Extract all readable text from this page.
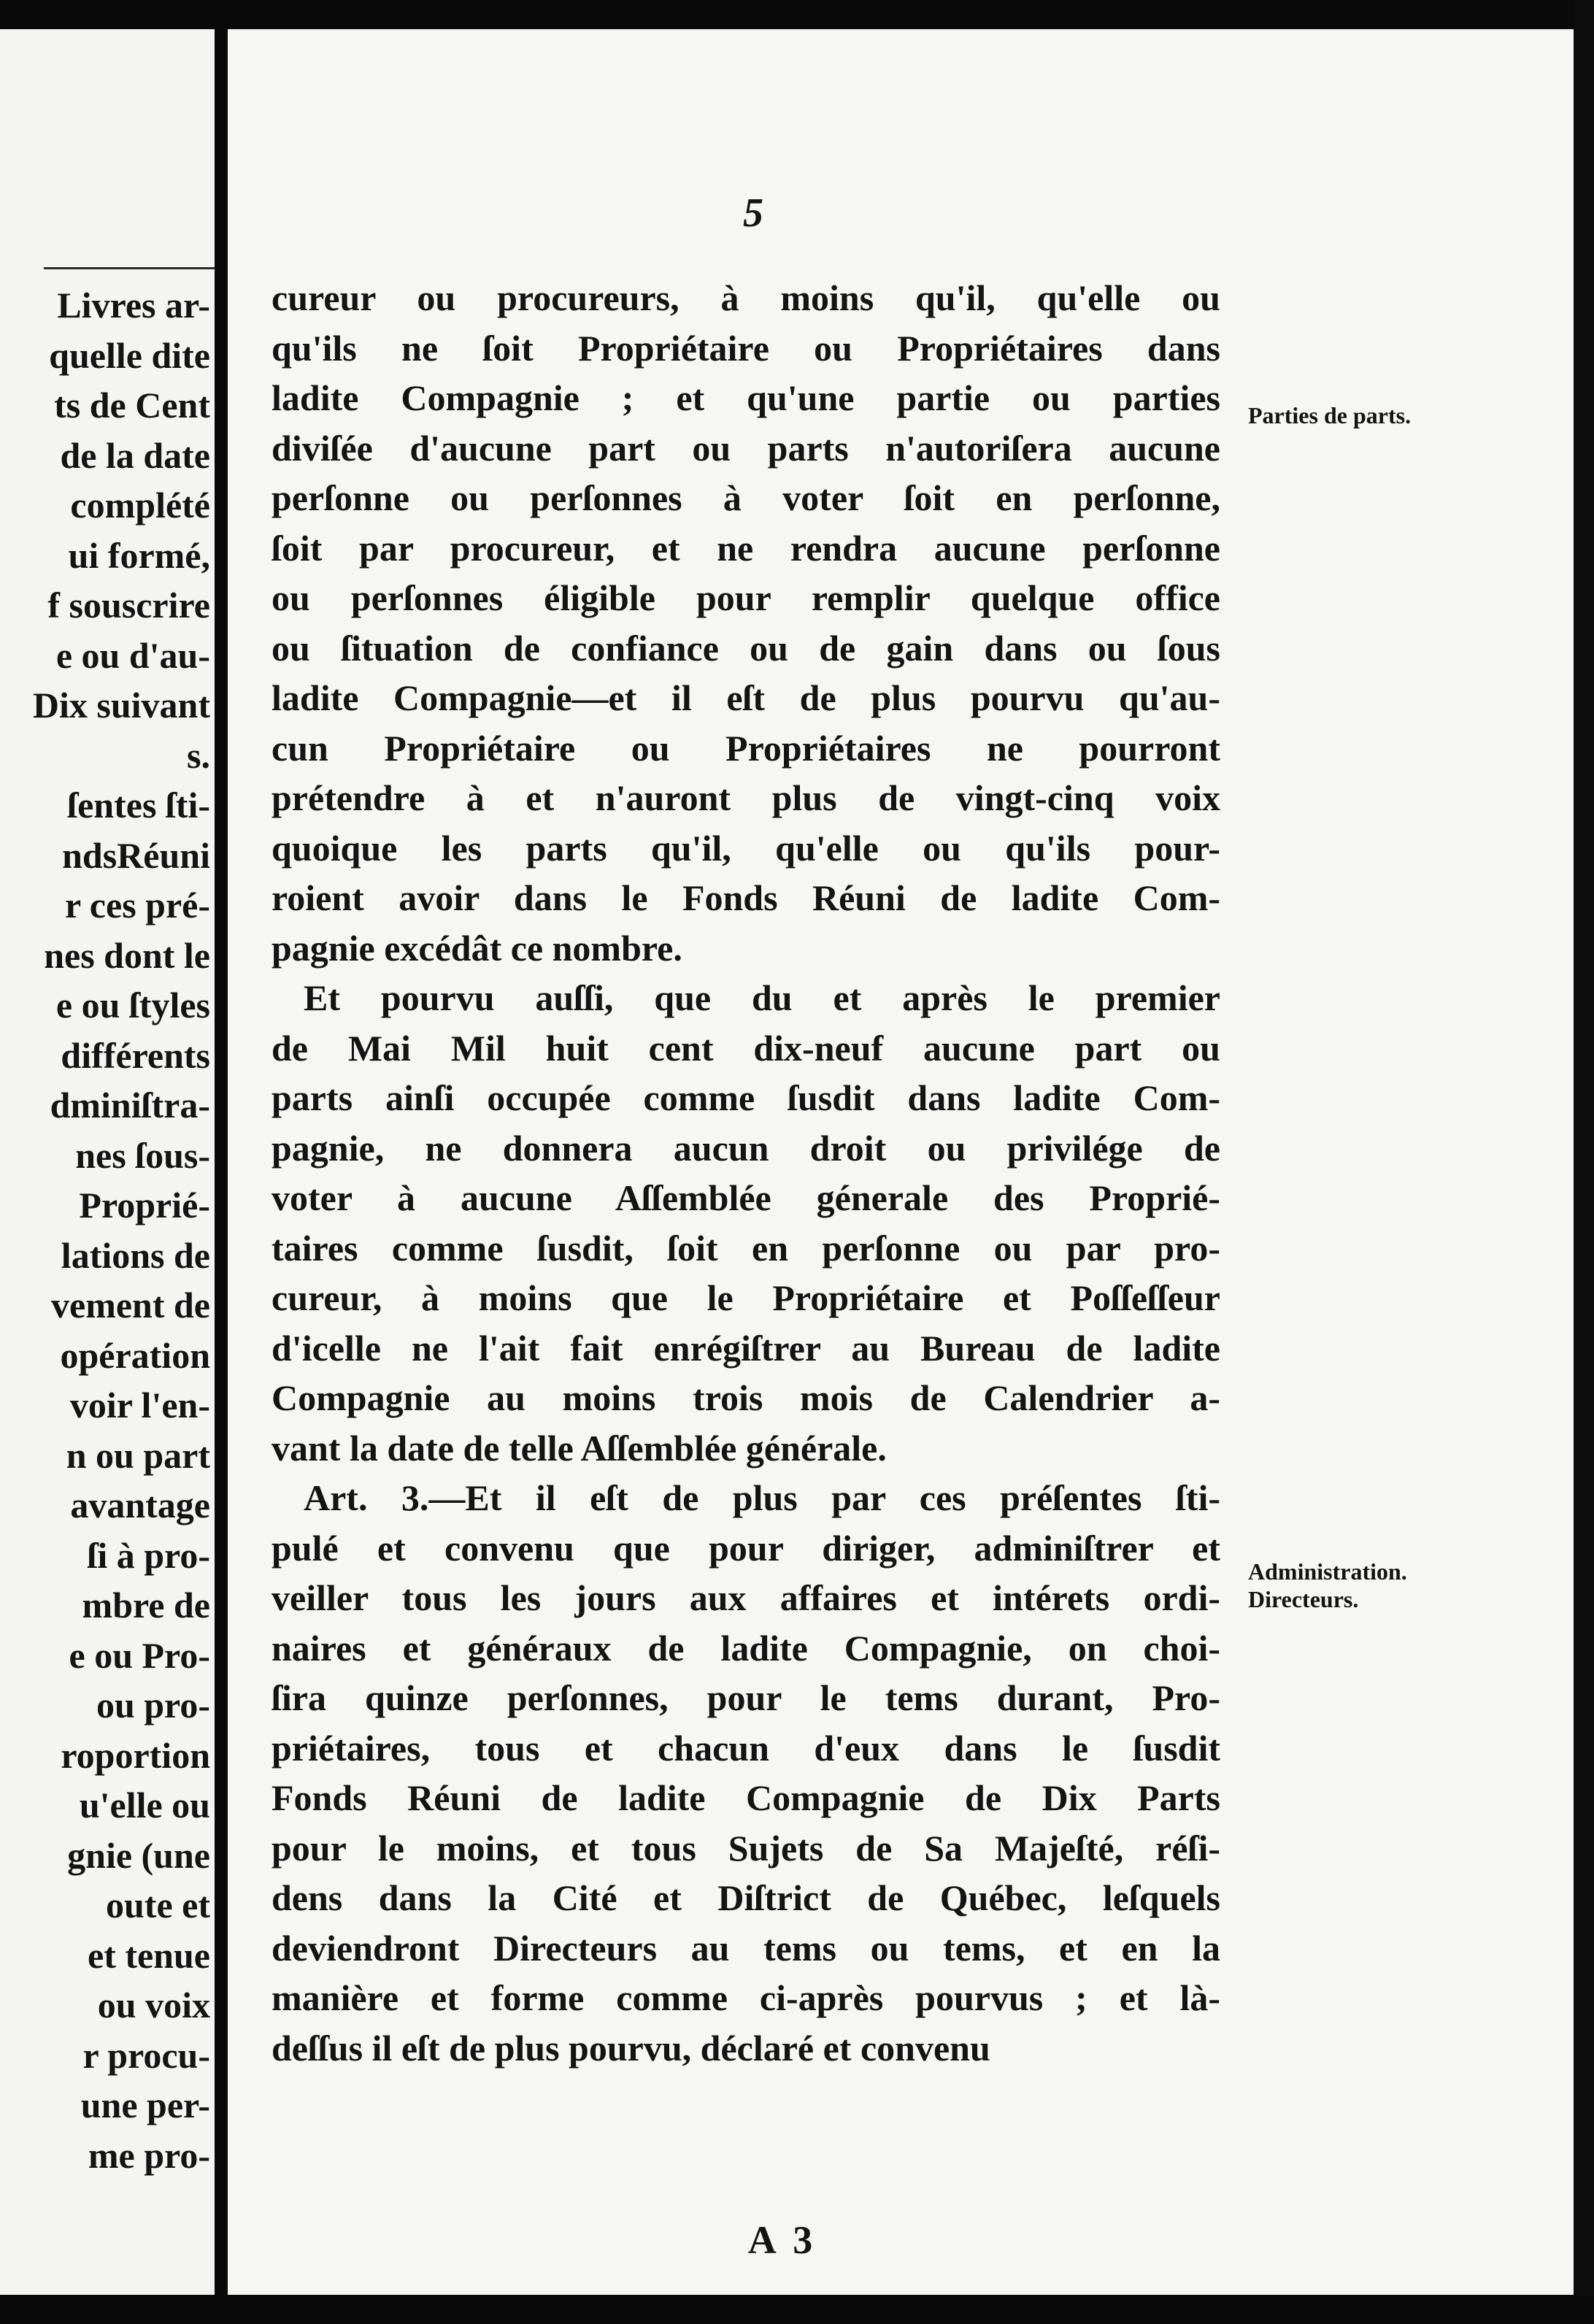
Livres ar-
quelle dite
ts de Cent
de la date
complété
ui formé,
f souscrire
e ou d'au-
Dix suivant
s.
ſentes ſti-
ndsRéuni
r ces pré-
nes dont le
e ou ſtyles
différents
dminiſtra-
nes ſous-
Proprié-
lations de
vement de
opération
voir l'en-
n ou part
avantage
ſi à pro-
mbre de
e ou Pro-
ou pro-
roportion
u'elle ou
gnie (une
oute et
et tenue
ou voix
r procu-
une per-
me pro-
5
cureur ou procureurs, à moins qu'il, qu'elle ou
qu'ils ne ſoit Propriétaire ou Propriétaires dans
ladite Compagnie ; et qu'une partie ou parties
diviſée d'aucune part ou parts n'autoriſera aucune
perſonne ou perſonnes à voter ſoit en perſonne,
ſoit par procureur, et ne rendra aucune perſonne
ou perſonnes éligible pour remplir quelque office
ou ſituation de confiance ou de gain dans ou ſous
ladite Compagnie—et il eſt de plus pourvu qu'au-
cun Propriétaire ou Propriétaires ne pourront
prétendre à et n'auront plus de vingt-cinq voix
quoique les parts qu'il, qu'elle ou qu'ils pour-
roient avoir dans le Fonds Réuni de ladite Com-
pagnie excédât ce nombre.
Et pourvu auſſi, que du et après le premier
de Mai Mil huit cent dix-neuf aucune part ou
parts ainſi occupée comme ſusdit dans ladite Com-
pagnie, ne donnera aucun droit ou privilége de
voter à aucune Aſſemblée génerale des Proprié-
taires comme ſusdit, ſoit en perſonne ou par pro-
cureur, à moins que le Propriétaire et Poſſeſſeur
d'icelle ne l'ait fait enrégiſtrer au Bureau de ladite
Compagnie au moins trois mois de Calendrier a-
vant la date de telle Aſſemblée générale.
Art. 3.—Et il eſt de plus par ces préſentes ſti-
pulé et convenu que pour diriger, adminiſtrer et
veiller tous les jours aux affaires et intérets ordi-
naires et généraux de ladite Compagnie, on choi-
ſira quinze perſonnes, pour le tems durant, Pro-
priétaires, tous et chacun d'eux dans le ſusdit
Fonds Réuni de ladite Compagnie de Dix Parts
pour le moins, et tous Sujets de Sa Majeſté, réſi-
dens dans la Cité et Diſtrict de Québec, leſquels
deviendront Directeurs au tems ou tems, et en la
manière et forme comme ci-après pourvus ; et là-
deſſus il eſt de plus pourvu, déclaré et convenu
Parties de parts.
Administration.
Directeurs.
A 3
